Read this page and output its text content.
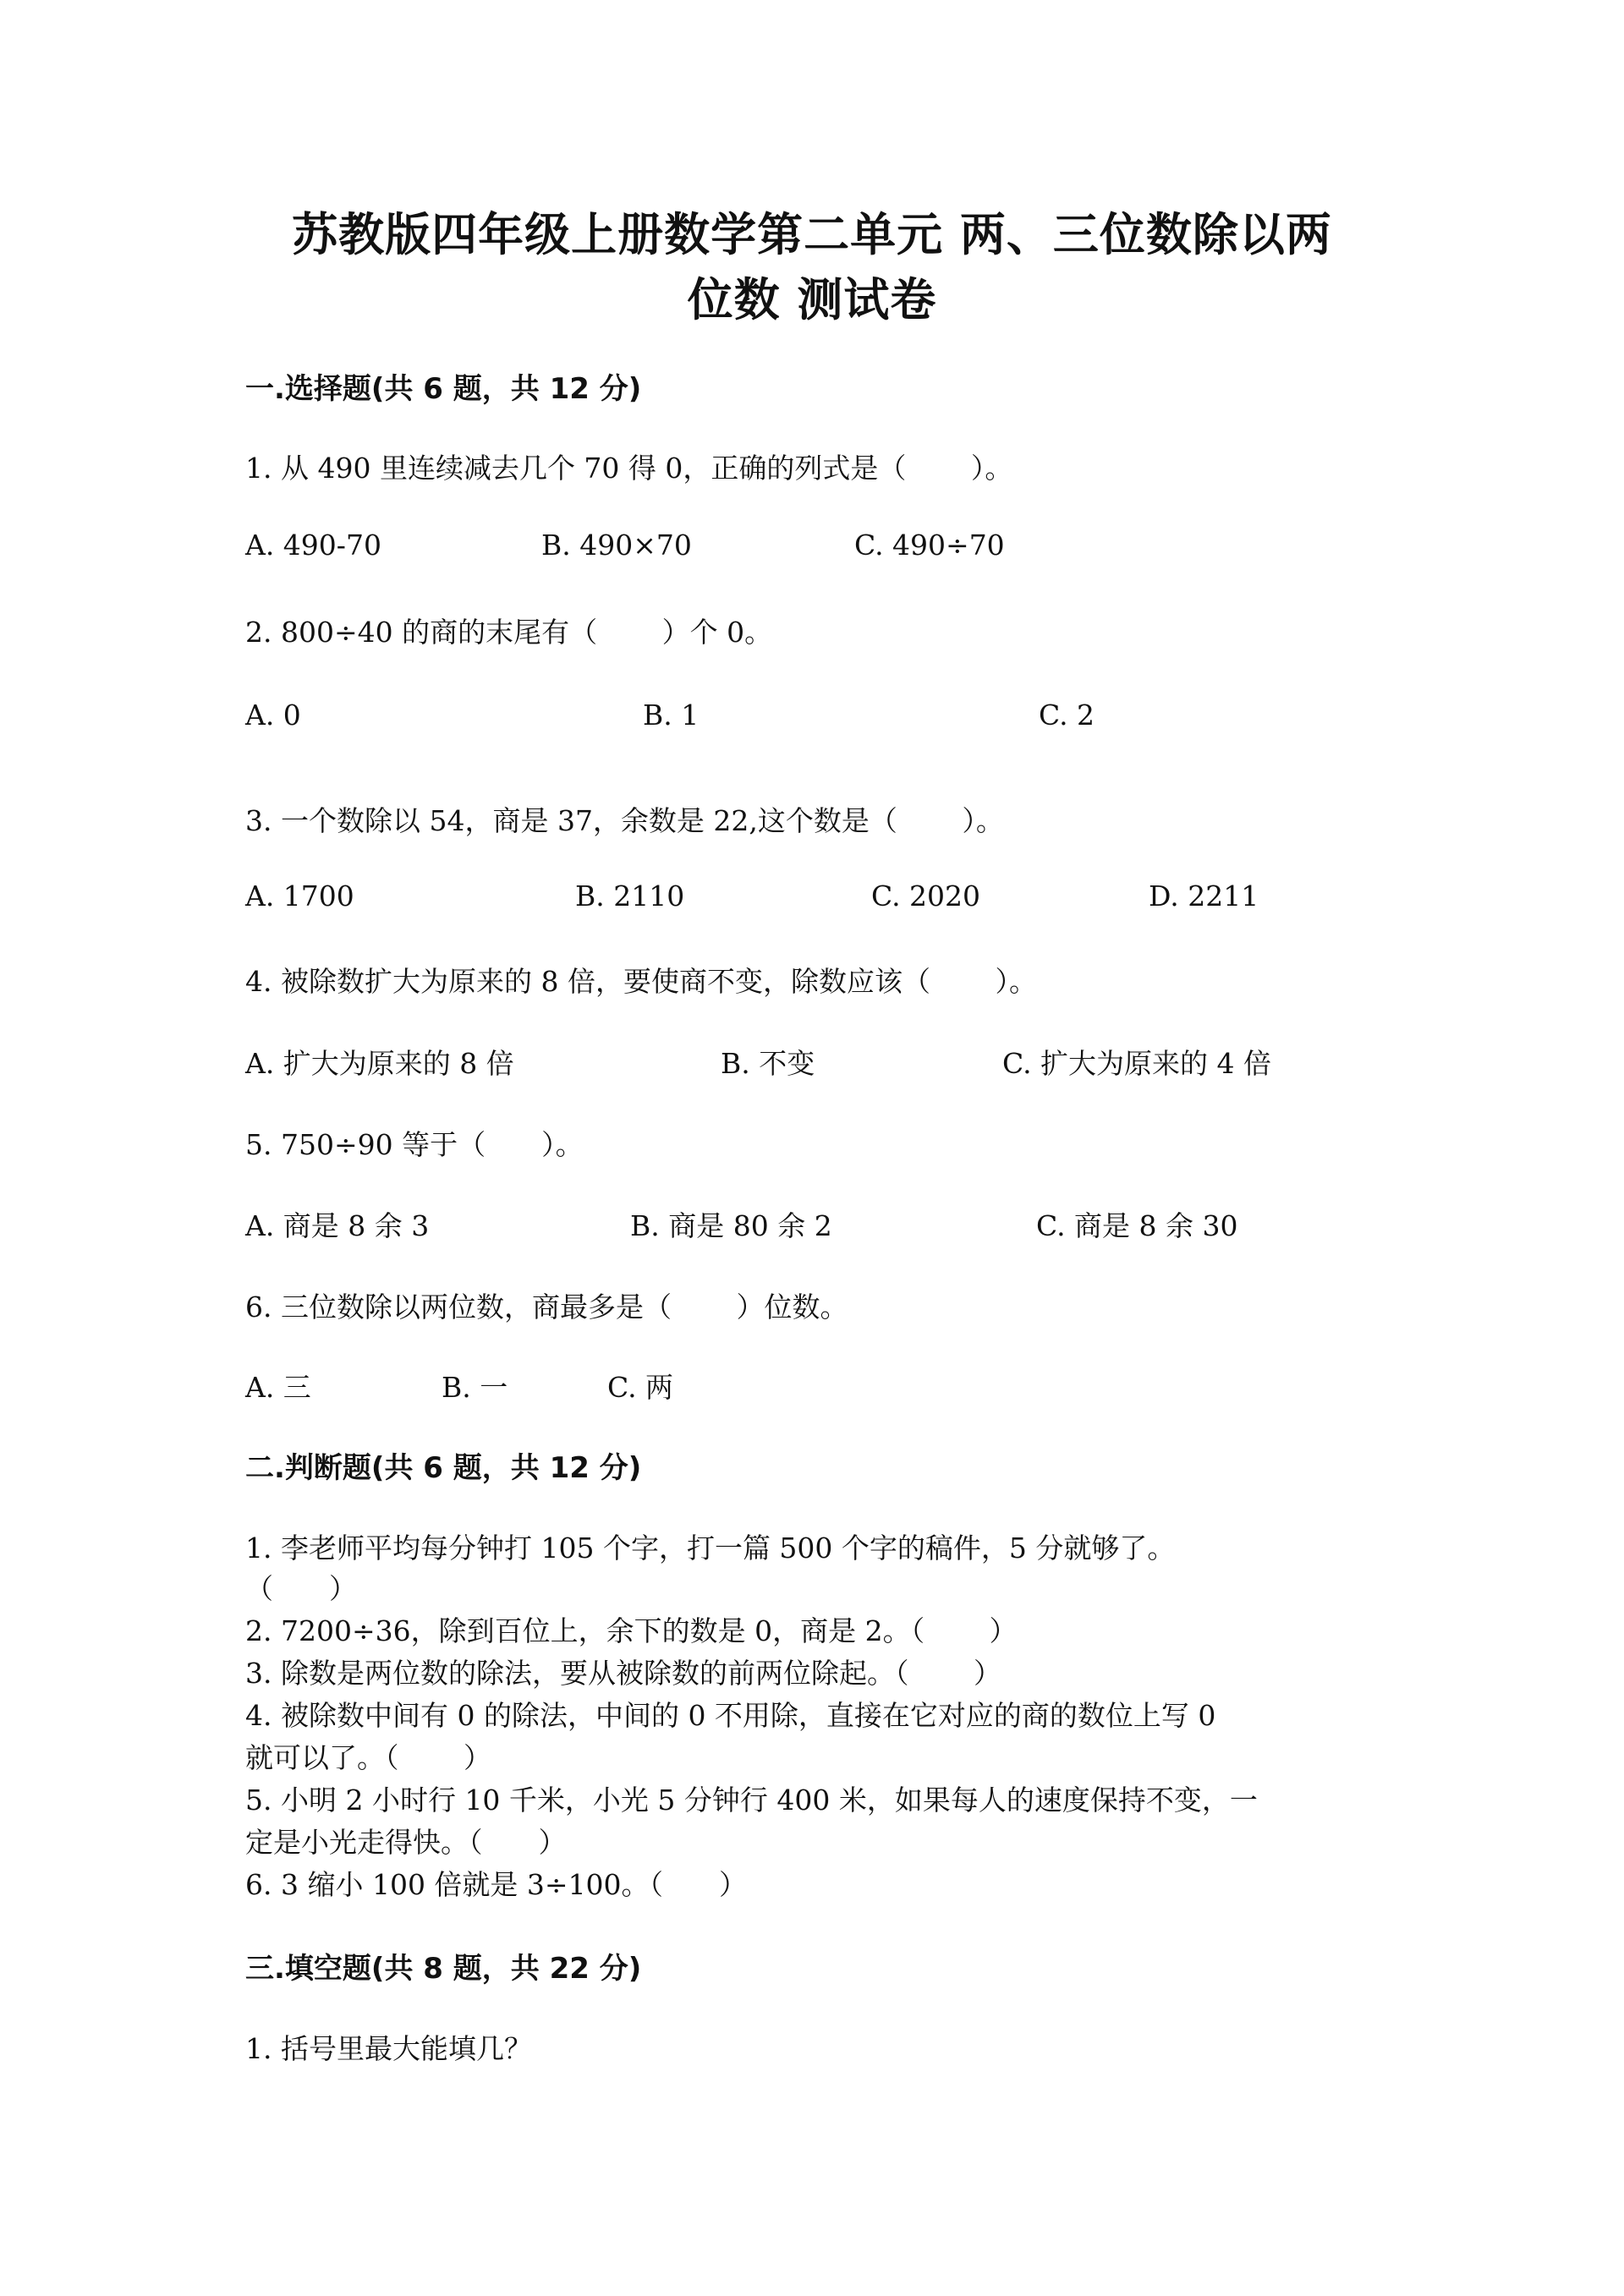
苏教版四年级上册数学第二单元 两、三位数除以两
位数 测试卷
一.选择题(共 6 题，共 12 分)
1. 从 490 里连续减去几个 70 得 0，正确的列式是（　　 ）。
A. 490-70	B. 490×70	C. 490÷70
2. 800÷40 的商的末尾有（　　 ）个 0。
A. 0	B. 1	C. 2
3. 一个数除以 54，商是 37，余数是 22,这个数是（　　 ）。
A. 1700	B. 2110	C. 2020	D. 2211
4. 被除数扩大为原来的 8 倍，要使商不变，除数应该（　　 ）。
A. 扩大为原来的 8 倍	B. 不变	C. 扩大为原来的 4 倍
5. 750÷90 等于（　　）。
A. 商是 8 余 3	B. 商是 80 余 2	C. 商是 8 余 30
6. 三位数除以两位数，商最多是（　　 ）位数。
A. 三	B. 一	C. 两
二.判断题(共 6 题，共 12 分)
1. 李老师平均每分钟打 105 个字，打一篇 500 个字的稿件，5 分就够了。
（　　）
2. 7200÷36，除到百位上，余下的数是 0，商是 2。（　　 ）
3. 除数是两位数的除法，要从被除数的前两位除起。（　　 ）
4. 被除数中间有 0 的除法，中间的 0 不用除，直接在它对应的商的数位上写 0
就可以了。（　　 ）
5. 小明 2 小时行 10 千米，小光 5 分钟行 400 米，如果每人的速度保持不变，一
定是小光走得快。（　　）
6. 3 缩小 100 倍就是 3÷100。（　　）
三.填空题(共 8 题，共 22 分)
1. 括号里最大能填几？
